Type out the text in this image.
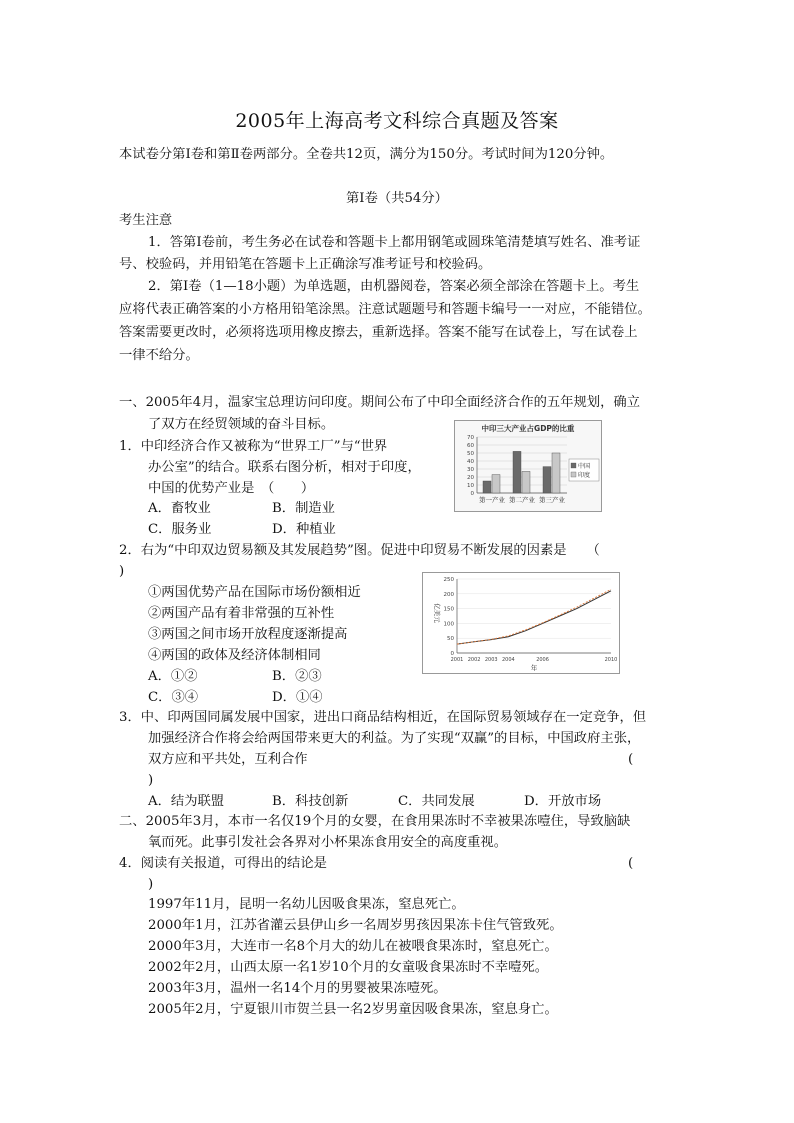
2005年上海高考文科综合真题及答案
本试卷分第Ⅰ卷和第Ⅱ卷两部分。全卷共12页，满分为150分。考试时间为120分钟。
第Ⅰ卷（共54分）
考生注意
1．答第Ⅰ卷前，考生务必在试卷和答题卡上都用钢笔或圆珠笔清楚填写姓名、准考证
号、校验码，并用铅笔在答题卡上正确涂写准考证号和校验码。
2．第Ⅰ卷（1—18小题）为单选题，由机器阅卷，答案必须全部涂在答题卡上。考生
应将代表正确答案的小方格用铅笔涂黑。注意试题题号和答题卡编号一一对应，不能错位。
答案需要更改时，必须将选项用橡皮擦去，重新选择。答案不能写在试卷上，写在试卷上
一律不给分。
一、2005年4月，温家宝总理访问印度。期间公布了中印全面经济合作的五年规划，确立
了双方在经贸领域的奋斗目标。
1．中印经济合作又被称为“世界工厂”与“世界
办公室”的结合。联系右图分析，相对于印度，
中国的优势产业是　（　　）
A．畜牧业	B．制造业
C．服务业	D．种植业
中印三大产业占GDP的比重
0
10
20
30
40
50
60
70
第一产业 第二产业 第三产业
中国
印度
2．右为“中印双边贸易额及其发展趋势”图。促进中印贸易不断发展的因素是　　（
)
①两国优势产品在国际市场份额相近
②两国产品有着非常强的互补性
③两国之间市场开放程度逐渐提高
④两国的政体及经济体制相同
A．①②	B．②③
C．③④	D．①④
0
50
100
150
200
250
2001 2002 2003 2004	2006	2010
亿美元
年
3．中、印两国同属发展中国家，进出口商品结构相近，在国际贸易领域存在一定竞争，但
加强经济合作将会给两国带来更大的利益。为了实现“双赢”的目标，中国政府主张，
双方应和平共处，互利合作	(
)
A．结为联盟	B．科技创新	C．共同发展	D．开放市场
二、2005年3月，本市一名仅19个月的女婴，在食用果冻时不幸被果冻噎住，导致脑缺
氧而死。此事引发社会各界对小杯果冻食用安全的高度重视。
4．阅读有关报道，可得出的结论是	(
)
1997年11月，昆明一名幼儿因吸食果冻，窒息死亡。
2000年1月，江苏省灌云县伊山乡一名周岁男孩因果冻卡住气管致死。
2000年3月，大连市一名8个月大的幼儿在被喂食果冻时，窒息死亡。
2002年2月，山西太原一名1岁10个月的女童吸食果冻时不幸噎死。
2003年3月，温州一名14个月的男婴被果冻噎死。
2005年2月，宁夏银川市贺兰县一名2岁男童因吸食果冻，窒息身亡。
